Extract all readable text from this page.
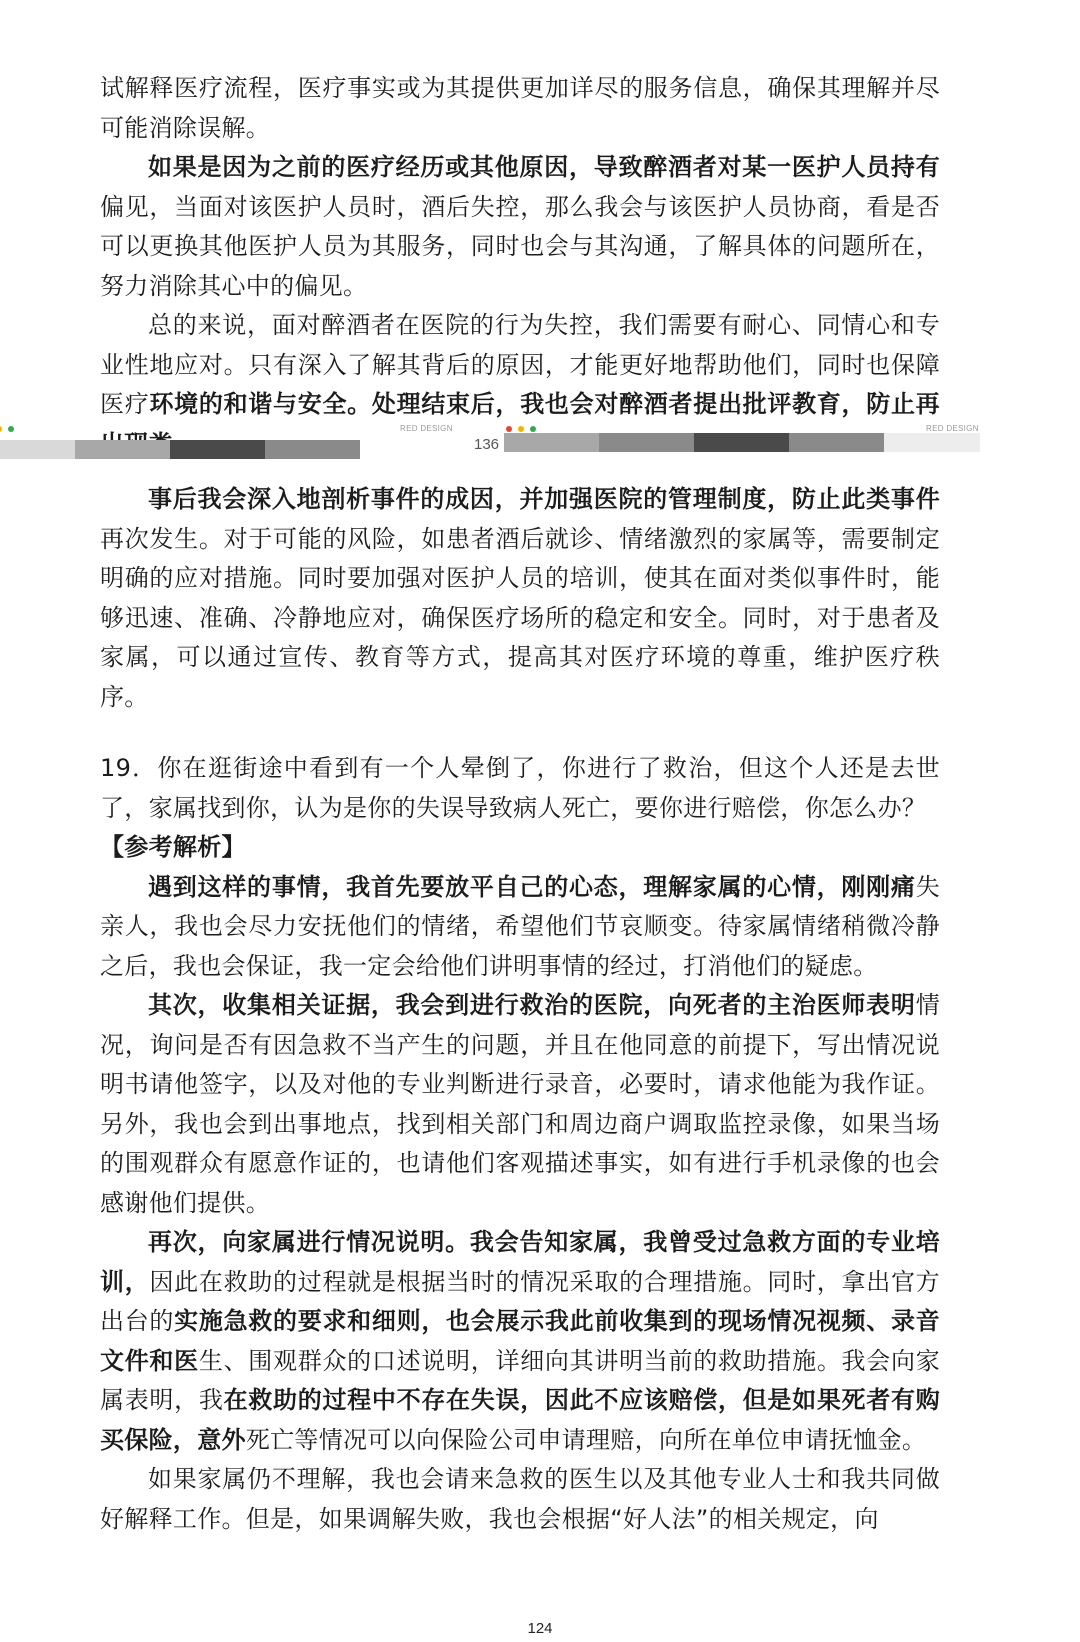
试解释医疗流程，医疗事实或为其提供更加详尽的服务信息，确保其理解并尽可能消除误解。

如果是因为之前的医疗经历或其他原因，导致醉酒者对某一医护人员持有偏见，当面对该医护人员时，酒后失控，那么我会与该医护人员协商，看是否可以更换其他医护人员为其服务，同时也会与其沟通，了解具体的问题所在，努力消除其心中的偏见。

总的来说，面对醉酒者在医院的行为失控，我们需要有耐心、同情心和专业性地应对。只有深入了解其背后的原因，才能更好地帮助他们，同时也保障医疗环境的和谐与安全。处理结束后，我也会对醉酒者提出批评教育，防止再

RED DESIGN	RED DESIGN
136

事后我会深入地剖析事件的成因，并加强医院的管理制度，防止此类事件再次发生。对于可能的风险，如患者酒后就诊、情绪激烈的家属等，需要制定明确的应对措施。同时要加强对医护人员的培训，使其在面对类似事件时，能够迅速、准确、冷静地应对，确保医疗场所的稳定和安全。同时，对于患者及家属，可以通过宣传、教育等方式，提高其对医疗环境的尊重，维护医疗秩序。

19．你在逛街途中看到有一个人晕倒了，你进行了救治，但这个人还是去世了，家属找到你，认为是你的失误导致病人死亡，要你进行赔偿，你怎么办？

【参考解析】

遇到这样的事情，我首先要放平自己的心态，理解家属的心情，刚刚痛失亲人，我也会尽力安抚他们的情绪，希望他们节哀顺变。待家属情绪稍微冷静之后，我也会保证，我一定会给他们讲明事情的经过，打消他们的疑虑。

其次，收集相关证据，我会到进行救治的医院，向死者的主治医师表明情况，询问是否有因急救不当产生的问题，并且在他同意的前提下，写出情况说明书请他签字，以及对他的专业判断进行录音，必要时，请求他能为我作证。另外，我也会到出事地点，找到相关部门和周边商户调取监控录像，如果当场的围观群众有愿意作证的，也请他们客观描述事实，如有进行手机录像的也会感谢他们提供。

再次，向家属进行情况说明。我会告知家属，我曾受过急救方面的专业培训，因此在救助的过程就是根据当时的情况采取的合理措施。同时，拿出官方出台的实施急救的要求和细则，也会展示我此前收集到的现场情况视频、录音文件和医生、围观群众的口述说明，详细向其讲明当前的救助措施。我会向家属表明，我在救助的过程中不存在失误，因此不应该赔偿，但是如果死者有购买保险，意外死亡等情况可以向保险公司申请理赔，向所在单位申请抚恤金。

如果家属仍不理解，我也会请来急救的医生以及其他专业人士和我共同做好解释工作。但是，如果调解失败，我也会根据“好人法”的相关规定，向

124
